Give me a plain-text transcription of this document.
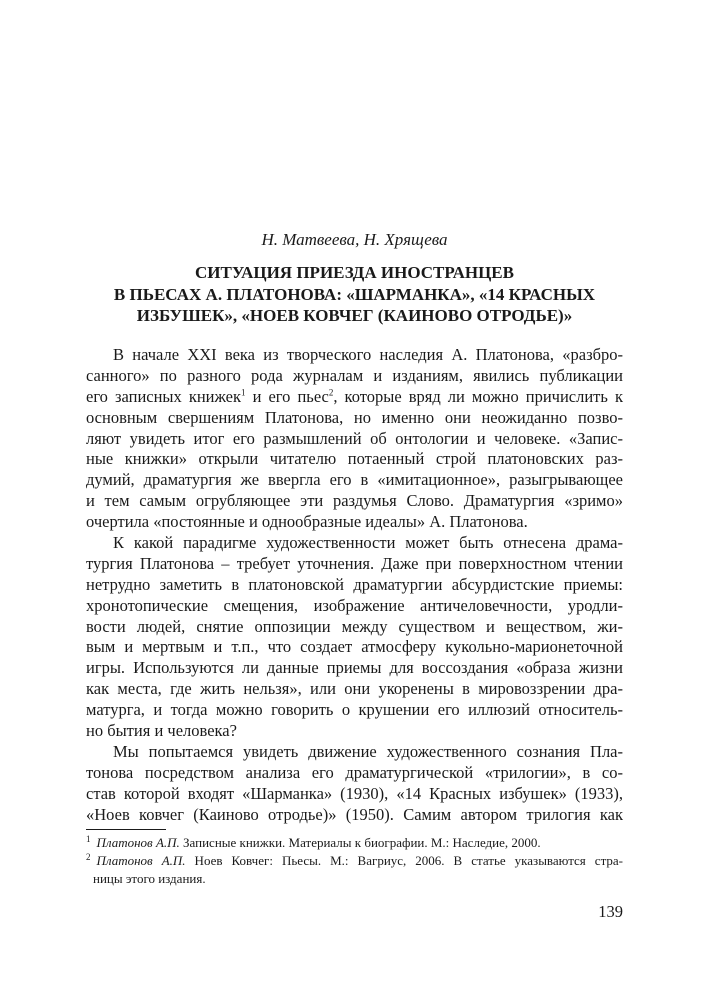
Н. Матвеева, Н. Хрящева
СИТУАЦИЯ ПРИЕЗДА ИНОСТРАНЦЕВ
В ПЬЕСАХ А. ПЛАТОНОВА: «ШАРМАНКА», «14 КРАСНЫХ
ИЗБУШЕК», «НОЕВ КОВЧЕГ (КАИНОВО ОТРОДЬЕ)»
В начале XXI века из творческого наследия А. Платонова, «разбро-
санного» по разного рода журналам и изданиям, явились публикации
его записных книжек$^1$ и его пьес$^2$, которые вряд ли можно причислить к
основным свершениям Платонова, но именно они неожиданно позво-
ляют увидеть итог его размышлений об онтологии и человеке. «Запис-
ные книжки» открыли читателю потаенный строй платоновских раз-
думий, драматургия же ввергла его в «имитационное», разыгрывающее
и тем самым огрубляющее эти раздумья Слово. Драматургия «зримо»
очертила «постоянные и однообразные идеалы» А. Платонова.
К какой парадигме художественности может быть отнесена драма-
тургия Платонова – требует уточнения. Даже при поверхностном чтении
нетрудно заметить в платоновской драматургии абсурдистские приемы:
хронотопические смещения, изображение античеловечности, уродли-
вости людей, снятие оппозиции между существом и веществом, жи-
вым и мертвым и т.п., что создает атмосферу кукольно-марионеточной
игры. Используются ли данные приемы для воссоздания «образа жизни
как места, где жить нельзя», или они укоренены в мировоззрении дра-
матурга, и тогда можно говорить о крушении его иллюзий относитель-
но бытия и человека?
Мы попытаемся увидеть движение художественного сознания Пла-
тонова посредством анализа его драматургической «трилогии», в со-
став которой входят «Шарманка» (1930), «14 Красных избушек» (1933),
«Ноев ковчег (Каиново отродье)» (1950). Самим автором трилогия как
$^1$ Платонов А.П. Записные книжки. Материалы к биографии. М.: Наследие, 2000.
$^2$ Платонов А.П. Ноев Ковчег: Пьесы. М.: Вагриус, 2006. В статье указываются стра-
ницы этого издания.
139
